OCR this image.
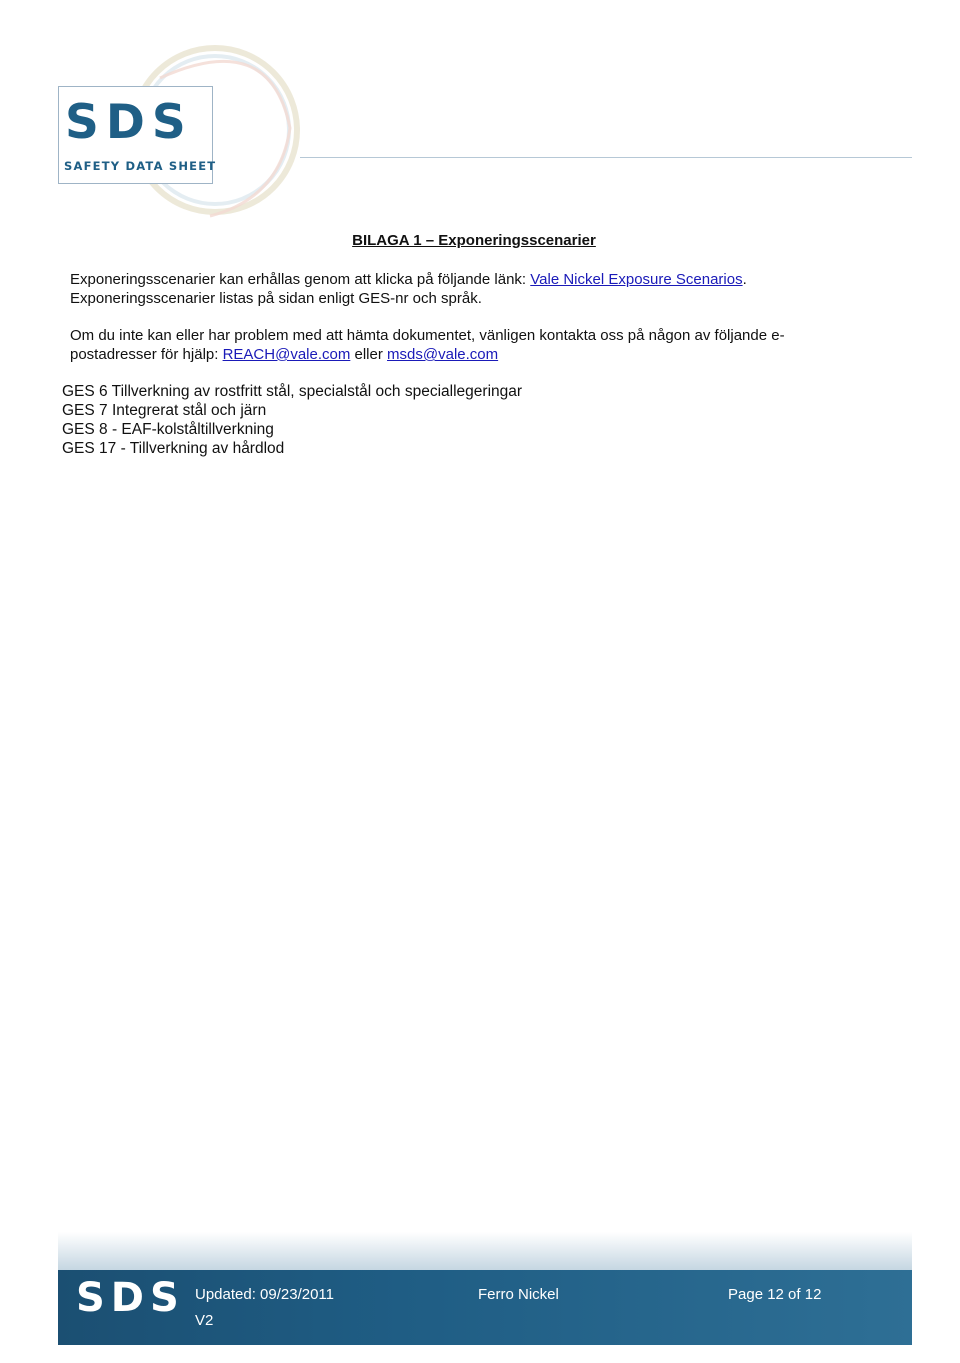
SDS
SAFETY DATA SHEET
BILAGA 1 – Exponeringsscenarier

Exponeringsscenarier kan erhållas genom att klicka på följande länk: Vale Nickel Exposure Scenarios.
Exponeringsscenarier listas på sidan enligt GES-nr och språk.

Om du inte kan eller har problem med att hämta dokumentet, vänligen kontakta oss på någon av följande e-postadresser för hjälp: REACH@vale.com eller msds@vale.com

GES 6 Tillverkning av rostfritt stål, specialstål och speciallegeringar
GES 7 Integrerat stål och järn
GES 8 - EAF-kolståltillverkning
GES 17 - Tillverkning av hårdlod
SDS Updated: 09/23/2011
V2
Ferro Nickel	Page 12 of 12
